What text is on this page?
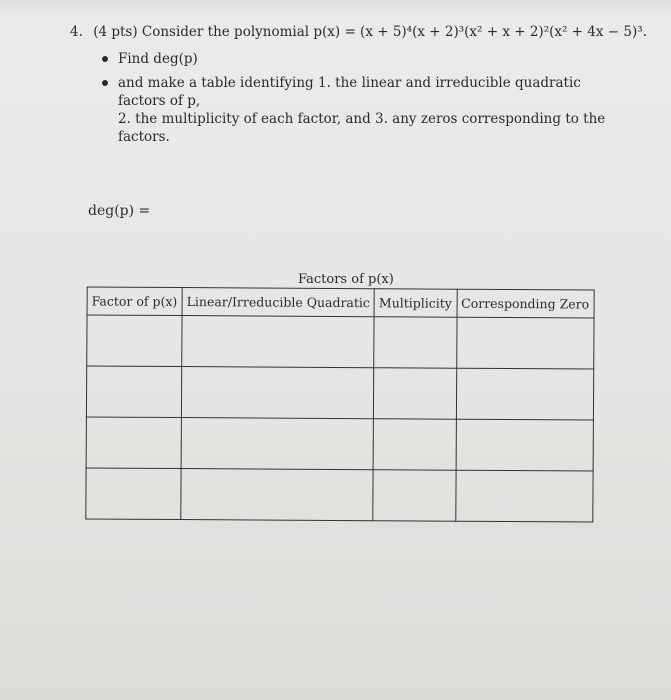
4. (4 pts) Consider the polynomial p(x) = (x + 5)⁴(x + 2)³(x² + x + 2)²(x² + 4x − 5)³.
Find deg(p)
and make a table identifying 1. the linear and irreducible quadratic factors of p,
2. the multiplicity of each factor, and 3. any zeros corresponding to the factors.
deg(p) =
Factors of p(x)
Factor of p(x)	Linear/Irreducible Quadratic	Multiplicity	Corresponding Zero
